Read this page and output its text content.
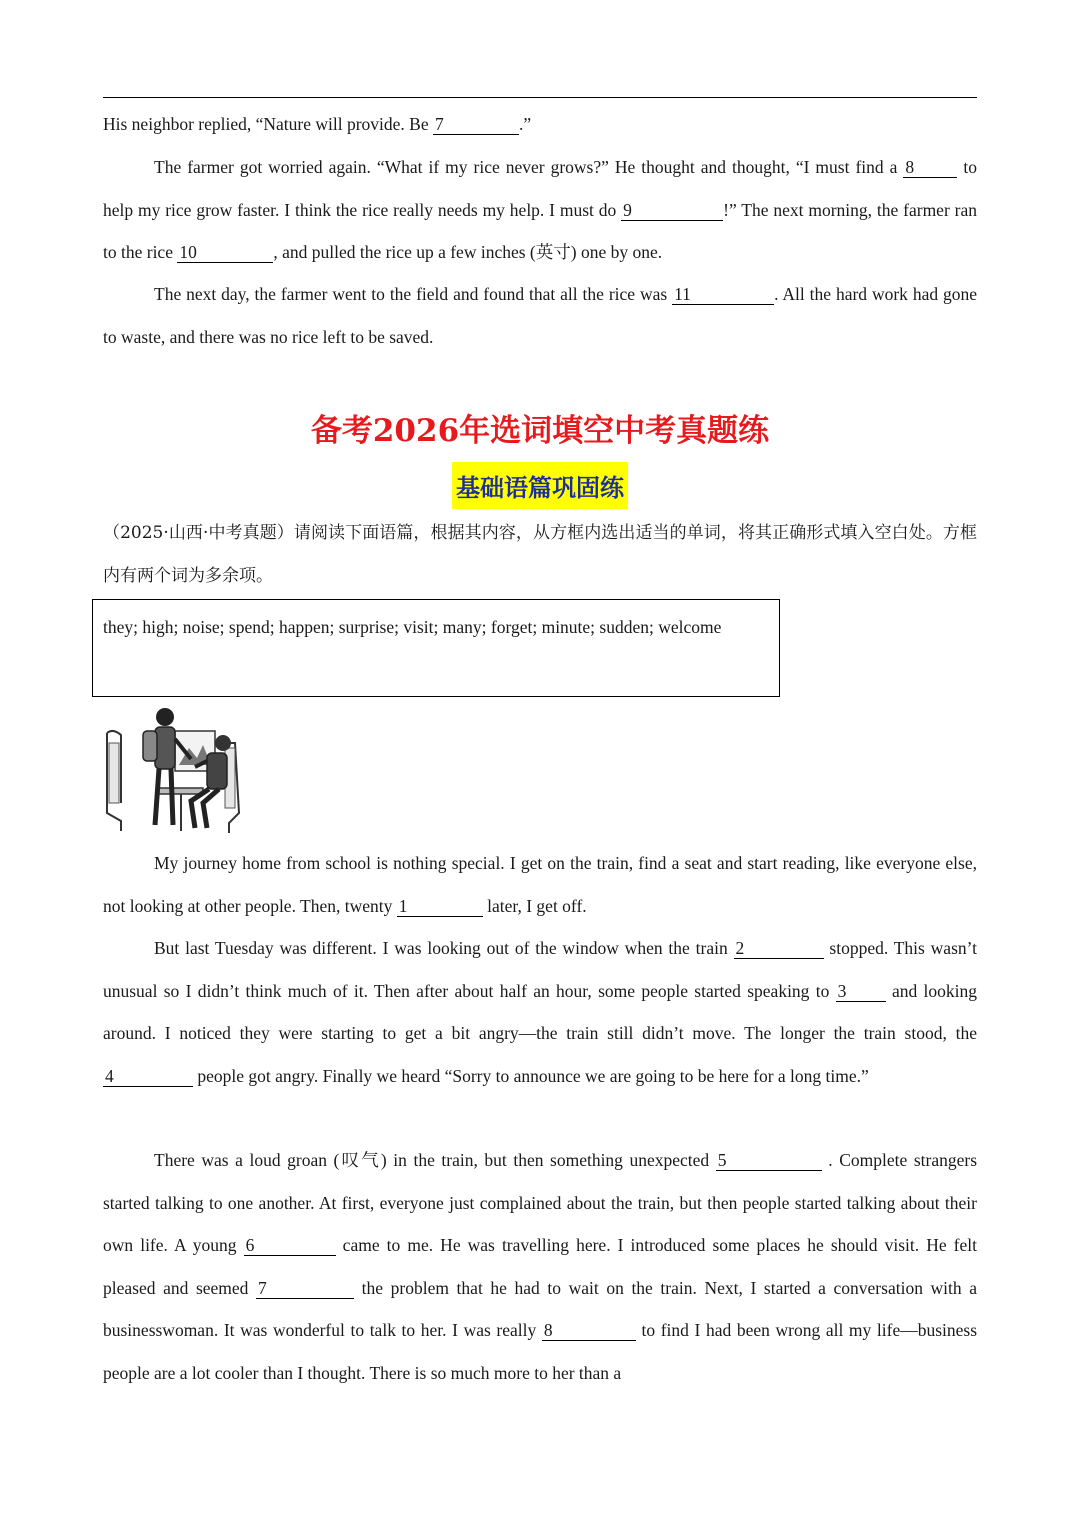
His neighbor replied, “Nature will provide. Be 7	.”
The farmer got worried again. “What if my rice never grows?” He thought and thought, “I must find a 8	to help my rice grow faster. I think the rice really needs my help. I must do 9	!” The next morning, the farmer ran to the rice 10	, and pulled the rice up a few inches (英寸) one by one.
The next day, the farmer went to the field and found that all the rice was 11	. All the hard work had gone to waste, and there was no rice left to be saved.
备考2026年选词填空中考真题练
基础语篇巩固练
（2025·山西·中考真题）请阅读下面语篇，根据其内容，从方框内选出适当的单词，将其正确形式填入空白处。方框内有两个词为多余项。
they; high; noise; spend; happen; surprise; visit; many; forget; minute; sudden; welcome
My journey home from school is nothing special. I get on the train, find a seat and start reading, like everyone else, not looking at other people. Then, twenty 1	later, I get off.
But last Tuesday was different. I was looking out of the window when the train 2	stopped. This wasn’t unusual so I didn’t think much of it. Then after about half an hour, some people started speaking to 3	and looking around. I noticed they were starting to get a bit angry—the train still didn’t move. The longer the train stood, the 4	people got angry. Finally we heard “Sorry to announce we are going to be here for a long time.”
There was a loud groan (叹气) in the train, but then something unexpected 5	. Complete strangers started talking to one another. At first, everyone just complained about the train, but then people started talking about their own life. A young 6	came to me. He was travelling here. I introduced some places he should visit. He felt pleased and seemed 7	the problem that he had to wait on the train. Next, I started a conversation with a businesswoman. It was wonderful to talk to her. I was really 8	to find I had been wrong all my life—business people are a lot cooler than I thought. There is so much more to her than a
